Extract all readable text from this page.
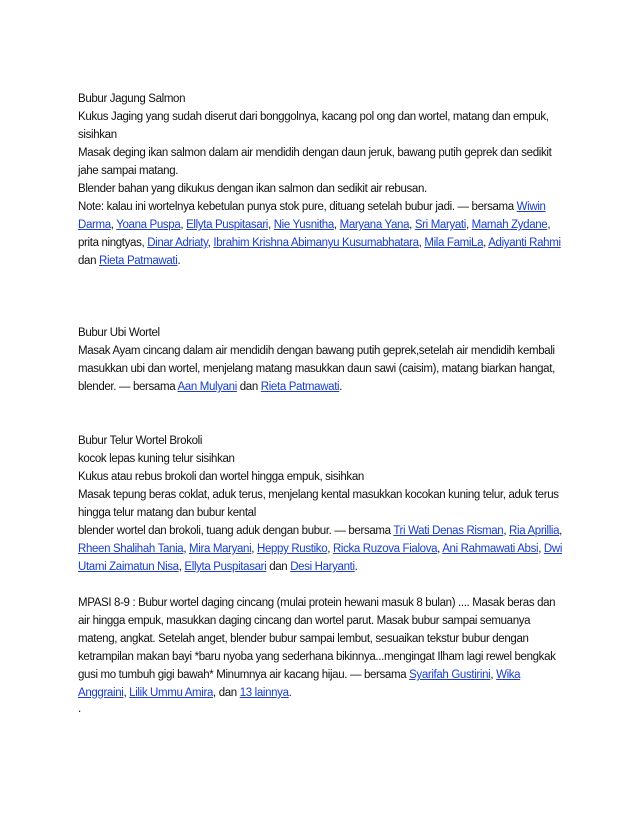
Bubur Jagung Salmon

Kukus Jaging yang sudah diserut dari bonggolnya, kacang pol ong dan wortel, matang dan empuk, sisihkan

Masak deging ikan salmon dalam air mendidih dengan daun jeruk, bawang putih geprek dan sedikit jahe sampai matang.

Blender bahan yang dikukus dengan ikan salmon dan sedikit air rebusan.

Note: kalau ini wortelnya kebetulan punya stok pure, dituang setelah bubur jadi. — bersama Wiwin Darma, Yoana Puspa, Ellyta Puspitasari, Nie Yusnitha, Maryana Yana, Sri Maryati, Mamah Zydane, prita ningtyas, Dinar Adriaty, Ibrahim Krishna Abimanyu Kusumabhatara, Mila FamiLa, Adiyanti Rahmi dan Rieta Patmawati.

Bubur Ubi Wortel

Masak Ayam cincang dalam air mendidih dengan bawang putih geprek,setelah air mendidih kembali masukkan ubi dan wortel, menjelang matang masukkan daun sawi (caisim), matang biarkan hangat, blender. — bersama Aan Mulyani dan Rieta Patmawati.

Bubur Telur Wortel Brokoli

kocok lepas kuning telur sisihkan

Kukus atau rebus brokoli dan wortel hingga empuk, sisihkan

Masak tepung beras coklat, aduk terus, menjelang kental masukkan kocokan kuning telur, aduk terus hingga telur matang dan bubur kental

blender wortel dan brokoli, tuang aduk dengan bubur. — bersama Tri Wati Denas Risman, Ria Aprillia, Rheen Shalihah Tania, Mira Maryani, Heppy Rustiko, Ricka Ruzova Fialova, Ani Rahmawati Absi, Dwi Utami Zaimatun Nisa, Ellyta Puspitasari dan Desi Haryanti.

MPASI 8-9 : Bubur wortel daging cincang (mulai protein hewani masuk 8 bulan) .... Masak beras dan air hingga empuk, masukkan daging cincang dan wortel parut. Masak bubur sampai semuanya mateng, angkat. Setelah anget, blender bubur sampai lembut, sesuaikan tekstur bubur dengan ketrampilan makan bayi *baru nyoba yang sederhana bikinnya...mengingat Ilham lagi rewel bengkak gusi mo tumbuh gigi bawah* Minumnya air kacang hijau. — bersama Syarifah Gustirini, Wika Anggraini, Lilik Ummu Amira, dan 13 lainnya.

.
